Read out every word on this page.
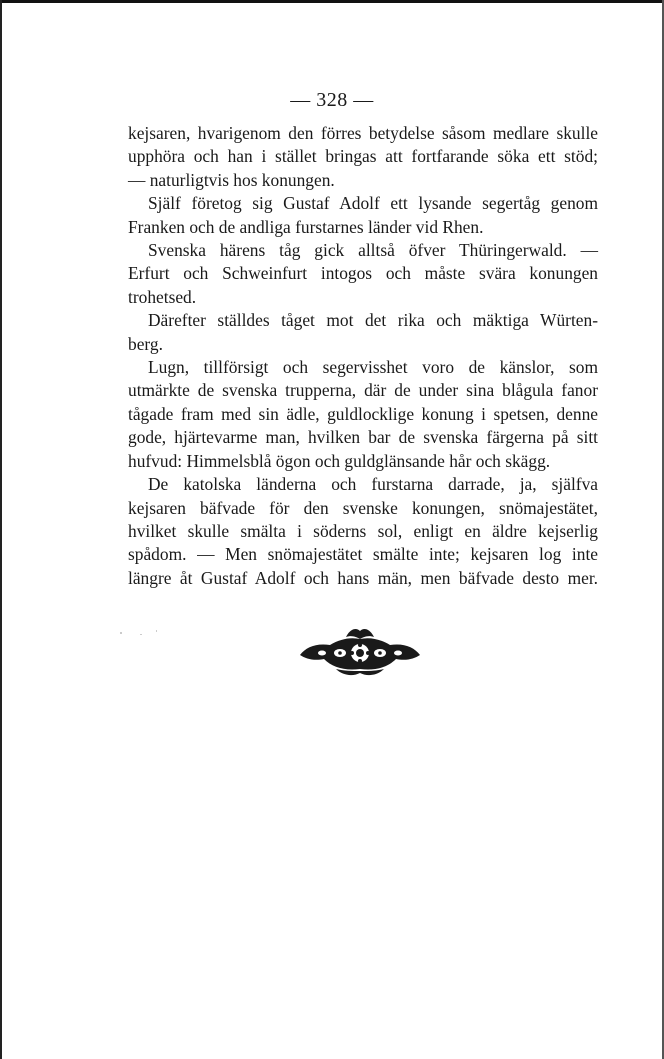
— 328 —
kejsaren, hvarigenom den förres betydelse såsom medlare skulle
upphöra och han i stället bringas att fortfarande söka ett stöd;
— naturligtvis hos konungen.
Själf företog sig Gustaf Adolf ett lysande segertåg genom
Franken och de andliga furstarnes länder vid Rhen.
Svenska härens tåg gick alltså öfver Thüringerwald. —
Erfurt och Schweinfurt intogos och måste svära konungen
trohetsed.
Därefter ställdes tåget mot det rika och mäktiga Würten-
berg.
Lugn, tillförsigt och segervisshet voro de känslor, som
utmärkte de svenska trupperna, där de under sina blågula fanor
tågade fram med sin ädle, guldlocklige konung i spetsen, denne
gode, hjärtevarme man, hvilken bar de svenska färgerna på sitt
hufvud: Himmelsblå ögon och guldglänsande hår och skägg.
De katolska länderna och furstarna darrade, ja, själfva
kejsaren bäfvade för den svenske konungen, snömajestätet,
hvilket skulle smälta i söderns sol, enligt en äldre kejserlig
spådom. — Men snömajestätet smälte inte; kejsaren log inte
längre åt Gustaf Adolf och hans män, men bäfvade desto mer.
